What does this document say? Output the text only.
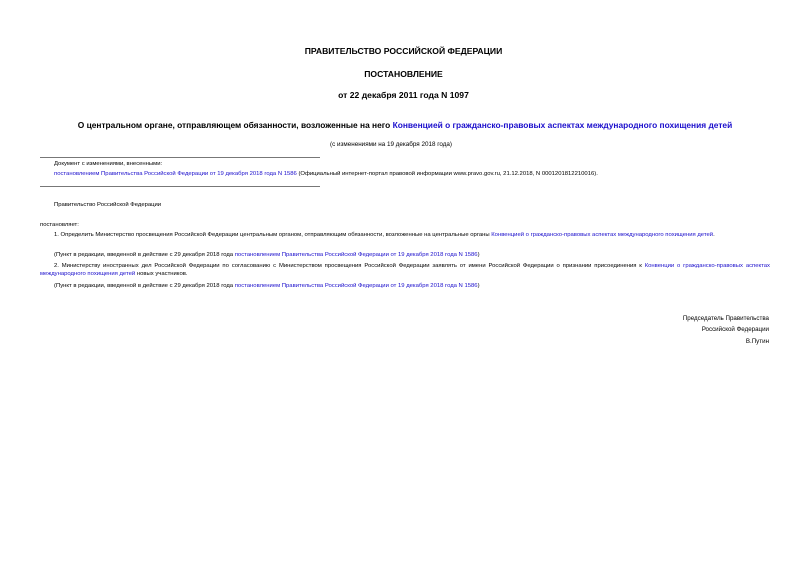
ПРАВИТЕЛЬСТВО РОССИЙСКОЙ ФЕДЕРАЦИИ
ПОСТАНОВЛЕНИЕ
от 22 декабря 2011 года N 1097
О центральном органе, отправляющем обязанности, возложенные на него Конвенцией о гражданско-правовых аспектах международного похищения детей
(с изменениями на 19 декабря 2018 года)
Документ с изменениями, внесенными:
постановлением Правительства Российской Федерации от 19 декабря 2018 года N 1586 (Официальный интернет-портал правовой информации www.pravo.gov.ru, 21.12.2018, N 0001201812210016).
Правительство Российской Федерации
постановляет:
1. Определить Министерство просвещения Российской Федерации центральным органом, отправляющим обязанности, возложенные на центральные органы Конвенцией о гражданско-правовых аспектах международного похищения детей.
(Пункт в редакции, введенной в действие с 29 декабря 2018 года постановлением Правительства Российской Федерации от 19 декабря 2018 года N 1586)
2. Министерству иностранных дел Российской Федерации по согласованию с Министерством просвещения Российской Федерации заявлять от имени Российской Федерации о признании присоединения к Конвенции о гражданско-правовых аспектах международного похищения детей новых участников.
(Пункт в редакции, введенной в действие с 29 декабря 2018 года постановлением Правительства Российской Федерации от 19 декабря 2018 года N 1586)
Председатель Правительства
Российской Федерации
В.Путин
